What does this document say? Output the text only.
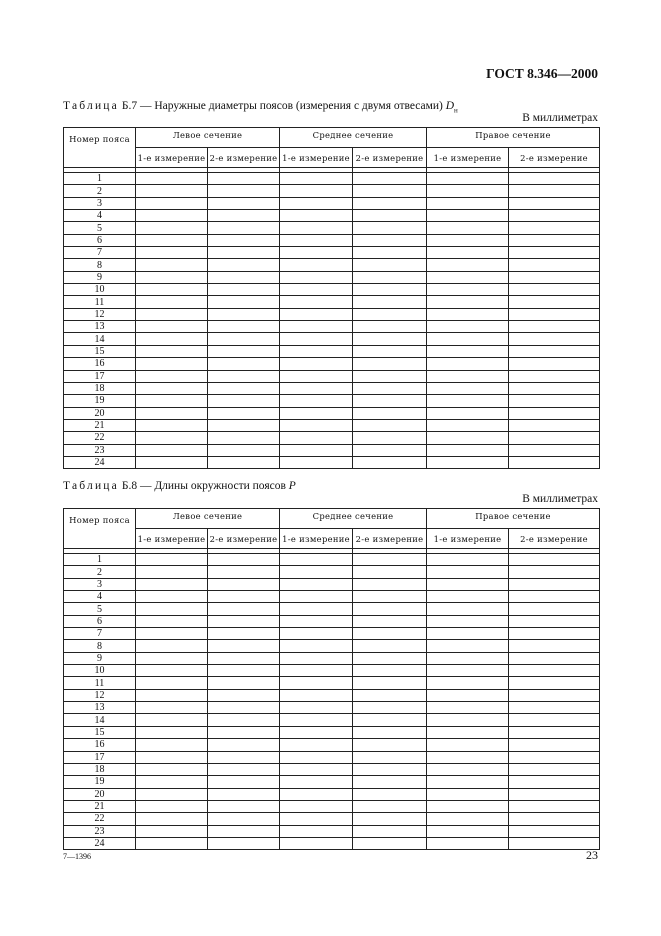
ГОСТ 8.346—2000
Таблица Б.7 — Наружные диаметры поясов (измерения с двумя отвесами) $D_н$
В миллиметрах
Номер пояса	Левое сечение		Среднее сечение		Правое сечение	
	1-е измерение	2-е измерение	1-е измерение	2-е измерение	1-е измерение	2-е измерение

1						
2						
3						
4						
5						
6						
7						
8						
9						
10						
11						
12						
13						
14						
15						
16						
17						
18						
19						
20						
21						
22						
23						
24						
Таблица Б.8 — Длины окружности поясов P
В миллиметрах
Номер пояса	Левое сечение		Среднее сечение		Правое сечение	
	1-е измерение	2-е измерение	1-е измерение	2-е измерение	1-е измерение	2-е измерение

1						
2						
3						
4						
5						
6						
7						
8						
9						
10						
11						
12						
13						
14						
15						
16						
17						
18						
19						
20						
21						
22						
23						
24						
7—1396	23
